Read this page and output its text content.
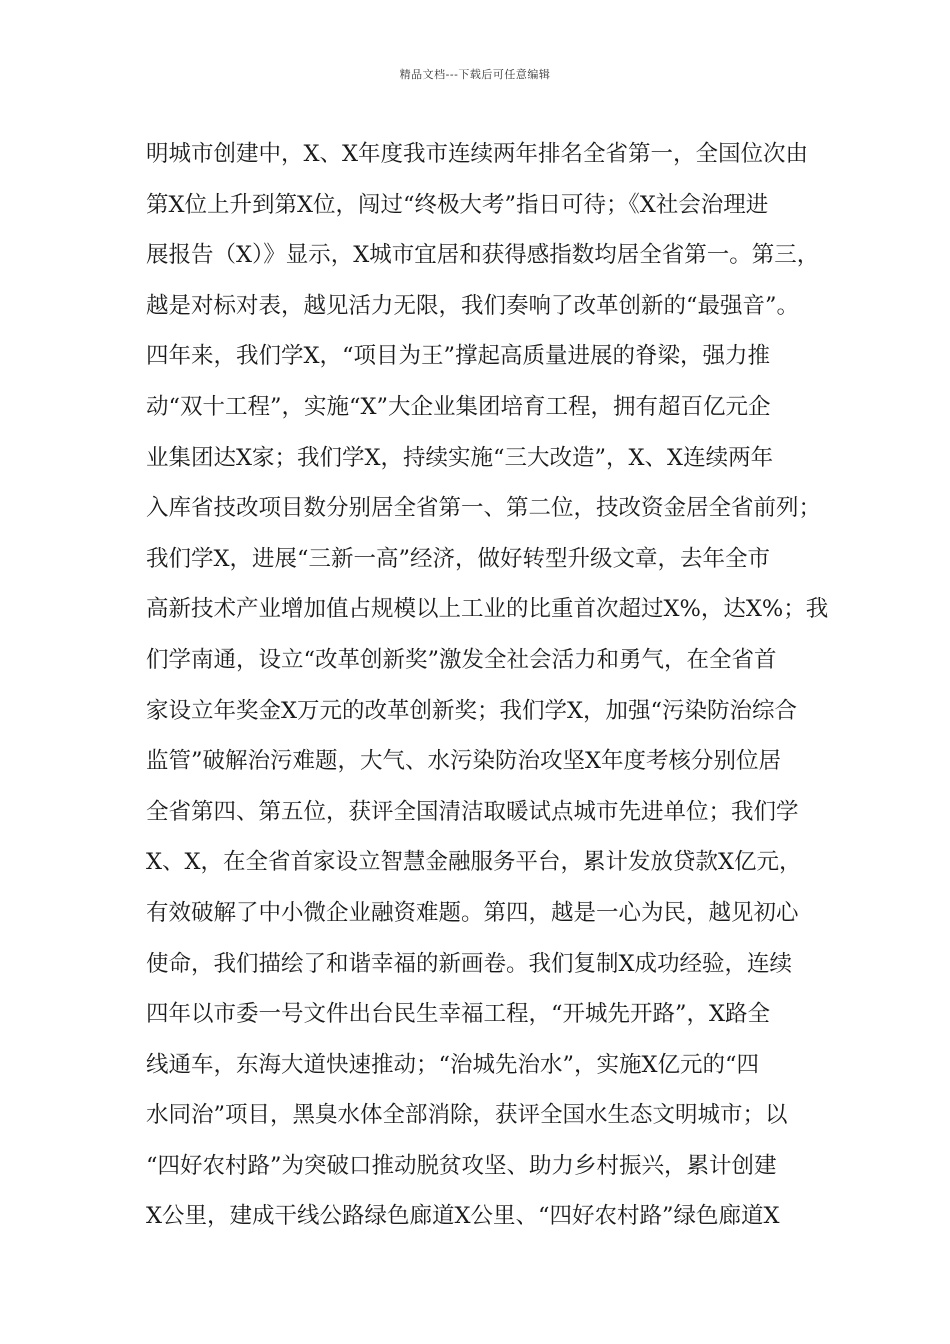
精品文档---下载后可任意编辑
明城市创建中，X、X年度我市连续两年排名全省第一，全国位次由
第X位上升到第X位，闯过“终极大考”指日可待；《X社会治理进
展报告（X）》显示，X城市宜居和获得感指数均居全省第一。第三，
越是对标对表，越见活力无限，我们奏响了改革创新的“最强音”。
四年来，我们学X，“项目为王”撑起高质量进展的脊梁，强力推
动“双十工程”，实施“X”大企业集团培育工程，拥有超百亿元企
业集团达X家；我们学X，持续实施“三大改造”，X、X连续两年
入库省技改项目数分别居全省第一、第二位，技改资金居全省前列；
我们学X，进展“三新一高”经济，做好转型升级文章，去年全市
高新技术产业增加值占规模以上工业的比重首次超过X%，达X%；我
们学南通，设立“改革创新奖”激发全社会活力和勇气，在全省首
家设立年奖金X万元的改革创新奖；我们学X，加强“污染防治综合
监管”破解治污难题，大气、水污染防治攻坚X年度考核分别位居
全省第四、第五位，获评全国清洁取暖试点城市先进单位；我们学
X、X，在全省首家设立智慧金融服务平台，累计发放贷款X亿元，
有效破解了中小微企业融资难题。第四，越是一心为民，越见初心
使命，我们描绘了和谐幸福的新画卷。我们复制X成功经验，连续
四年以市委一号文件出台民生幸福工程，“开城先开路”，X路全
线通车，东海大道快速推动；“治城先治水”，实施X亿元的“四
水同治”项目，黑臭水体全部消除，获评全国水生态文明城市；以
“四好农村路”为突破口推动脱贫攻坚、助力乡村振兴，累计创建
X公里，建成干线公路绿色廊道X公里、“四好农村路”绿色廊道X
